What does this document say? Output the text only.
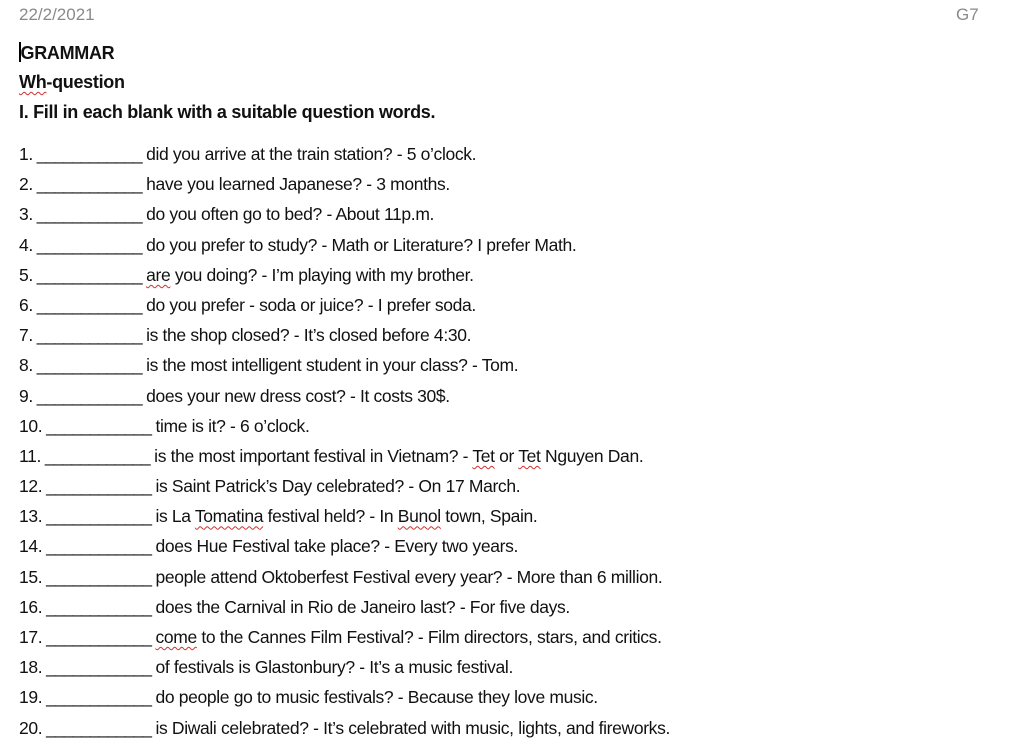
22/2/2021	G7
GRAMMAR
Wh-question
I. Fill in each blank with a suitable question words.
1. ____________ did you arrive at the train station? - 5 o’clock.
2. ____________ have you learned Japanese? - 3 months.
3. ____________ do you often go to bed? - About 11p.m.
4. ____________ do you prefer to study? - Math or Literature? I prefer Math.
5. ____________ are you doing? - I’m playing with my brother.
6. ____________ do you prefer - soda or juice? - I prefer soda.
7. ____________ is the shop closed? - It’s closed before 4:30.
8. ____________ is the most intelligent student in your class? - Tom.
9. ____________ does your new dress cost? - It costs 30$.
10. ____________ time is it? - 6 o’clock.
11. ____________ is the most important festival in Vietnam? - Tet or Tet Nguyen Dan.
12. ____________ is Saint Patrick’s Day celebrated? - On 17 March.
13. ____________ is La Tomatina festival held? - In Bunol town, Spain.
14. ____________ does Hue Festival take place? - Every two years.
15. ____________ people attend Oktoberfest Festival every year? - More than 6 million.
16. ____________ does the Carnival in Rio de Janeiro last? - For five days.
17. ____________ come to the Cannes Film Festival? - Film directors, stars, and critics.
18. ____________ of festivals is Glastonbury? - It’s a music festival.
19. ____________ do people go to music festivals? - Because they love music.
20. ____________ is Diwali celebrated? - It’s celebrated with music, lights, and fireworks.
